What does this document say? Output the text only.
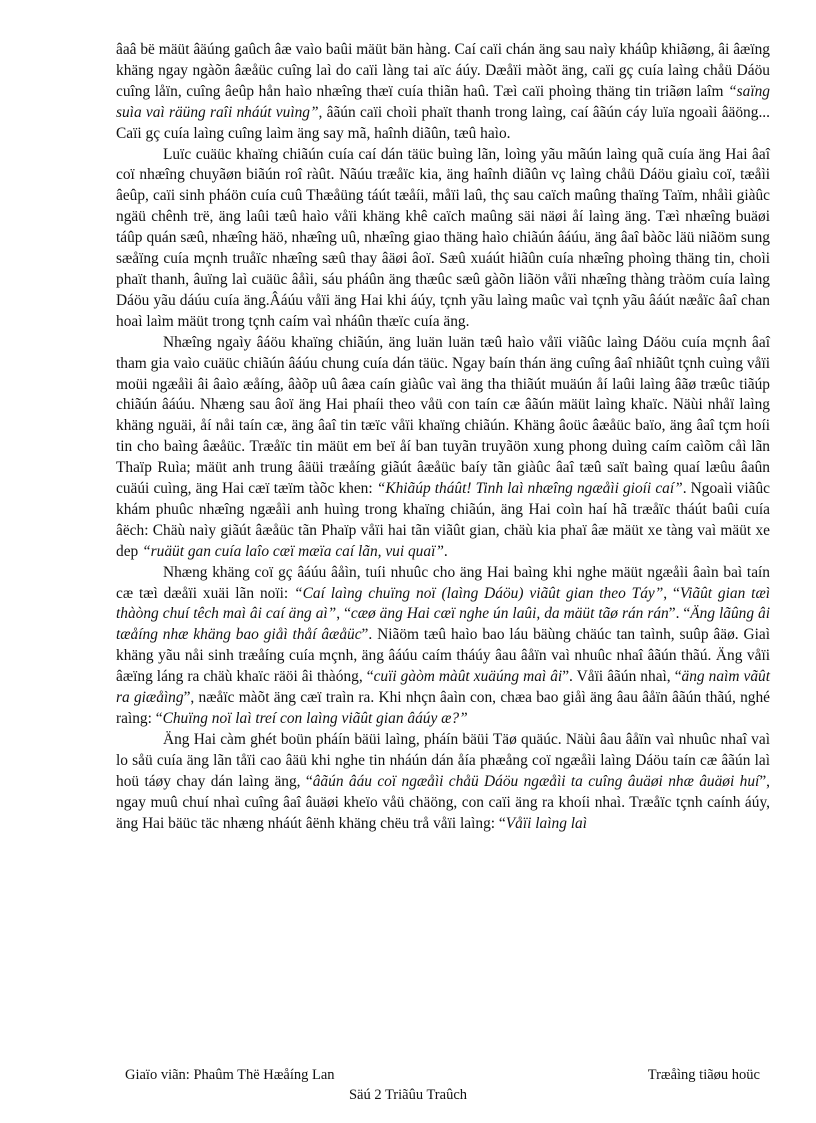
âaâ bë mäüt âäúng gaûch âæ vaìo baûi mäüt bän hàng. Caí caïi chán äng sau naìy kháûp khiãøng, âi âæïng khäng ngay ngàõn âæåüc cuîng laì do caïi làng tai aïc áúy. Dæåïi màõt äng, caïi gç cuía laìng chåü Dáöu cuîng låïn, cuîng âeûp hån haìo nhæîng thæï cuía thiãn haû. Tæì caïi phoìng thäng tin triãøn laîm “saïng suìa vaì räüng raîi nháút vuìng”, âãún caïi choìi phaït thanh trong laìng, caí âãún cáy luïa ngoaìi âäöng... Caïi gç cuía laìng cuîng laìm äng say mã, haînh diãûn, tæû haìo.

Luïc cuäüc khaïng chiãún cuía caí dán täüc buìng lãn, loìng yãu mãún laìng quã cuía äng Hai âaî coï nhæîng chuyãøn biãún roî ràût. Nãúu træåïc kia, äng haînh diãûn vç laìng chåü Dáöu giaìu coï, tæåìi âeûp, caïi sinh pháön cuía cuû Thæåüng táút tæåíi, måïi laû, thç sau caïch maûng thaïng Taïm, nhåìi giàûc ngäü chênh trë, äng laûi tæû haìo våïi khäng khê caïch maûng säi näøi åí laìng äng. Tæì nhæîng buäøi táûp quán sæû, nhæîng häö, nhæîng uû, nhæîng giao thäng haìo chiãún âáúu, äng âaî bàõc läü niãöm sung sæåïng cuía mçnh truåïc nhæîng sæû thay âäøi âoï. Sæû xuáút hiãûn cuía nhæîng phoìng thäng tin, choìi phaït thanh, âuïng laì cuäüc âåìi, sáu pháûn äng thæûc sæû gàõn liãön våïi nhæîng thàng tràöm cuía laìng Dáöu yãu dáúu cuía äng.Âáúu våïi äng Hai khi áúy, tçnh yãu laìng maûc vaì tçnh yãu âáút næåïc âaî chan hoaì laìm mäüt trong tçnh caím vaì nháûn thæïc cuía äng.

Nhæîng ngaìy âáöu khaïng chiãún, äng luän luän tæû haìo våïi viãûc laìng Dáöu cuía mçnh âaî tham gia vaìo cuäüc chiãún âáúu chung cuía dán täüc. Ngay baín thán äng cuîng âaî nhiãût tçnh cuìng våïi moüi ngæåìi âi âaìo æåíng, âàõp uû âæa caín giàûc vaì äng tha thiãút muäún åí laûi laìng âãø træûc tiãúp chiãún âáúu. Nhæng sau âoï äng Hai phaíi theo våü con taín cæ âãún mäüt laìng khaïc. Näùi nhåï laìng khäng nguäi, åí nåi taín cæ, äng âaî tin tæïc våïi khaïng chiãún. Khäng âoüc âæåüc baïo, äng âaî tçm hoíi tin cho baìng âæåüc. Træåïc tin mäüt em beï åí ban tuyãn truyãön xung phong duìng caím caìõm cåì lãn Thaïp Ruìa; mäüt anh trung âäüi træåíng giãút âæåüc baíy tãn giàûc âaî tæû saït baìng quaí læûu âaûn cuäúi cuìng, äng Hai cæï tæïm tàõc khen: “Khiãúp tháût! Tinh laì nhæîng ngæåìi gioíi caí”. Ngoaìi viãûc khám phuûc nhæîng ngæåìi anh huìng trong khaïng chiãún, äng Hai coìn haí hã træåïc tháút baûi cuía âëch: Chäù naìy giãút âæåüc tãn Phaïp våïi hai tãn viãût gian, chäù kia phaï âæ mäüt xe tàng vaì mäüt xe dep “ruäüt gan cuía laîo cæï mæïa caí lãn, vui quaï”.

Nhæng khäng coï gç âáúu âåìn, tuíi nhuûc cho äng Hai baìng khi nghe mäüt ngæåìi âaìn baì taín cæ tæì dæåïi xuäi lãn noïi: “Caí laìng chuïng noï (laìng Dáöu) viãût gian theo Táy”, “Viãût gian tæì thàòng chuí têch maì âi caí äng aì”, “cæø äng Hai cæï nghe ún laûi, da mäüt tãø rán rán”. “Äng lãûng âi tæåíng nhæ khäng bao giåì thåí âæåüc”. Niãöm tæû haìo bao láu bäùng chäúc tan taình, suûp âäø. Giaì khäng yãu nåi sinh træåíng cuía mçnh, äng âáúu caím tháúy âau âåïn vaì nhuûc nhaî âãún thãú. Äng våïi âæïng láng ra chäù khaïc räöi âi thàóng, “cuïi gàòm màût xuäúng maì âi”. Våïi âãún nhaì, “äng naìm vãût ra giæåìng”, næåïc màõt äng cæï traìn ra. Khi nhçn âaìn con, chæa bao giåì äng âau âåïn âãún thãú, nghé raìng: “Chuïng noï laì treí con laìng viãût gian âáúy æ?”

Äng Hai càm ghét boün pháín bäüi laìng, pháín bäüi Täø quäúc. Näùi âau âåïn vaì nhuûc nhaî vaì lo såü cuía äng lãn tåïi cao âäü khi nghe tin nháún dán åía phæång coï ngæåìi laìng Dáöu taín cæ âãún laì hoü táøy chay dán laìng äng, “âãún âáu coï ngæåìi chåü Dáöu ngæåìi ta cuîng âuäøi nhæ âuäøi huí”, ngay muû chuí nhaì cuîng âaî âuäøi kheïo våü chäöng, con caïi äng ra khoíi nhaì. Træåïc tçnh caính áúy, äng Hai bäüc täc nhæng nháút âënh khäng chëu trå våïi laìng: “Våïi laìng laì

Giaïo viãn: Phaûm Thë Hæåíng Lan	Træåìng tiãøu hoüc
Säú 2 Triãûu Traûch
